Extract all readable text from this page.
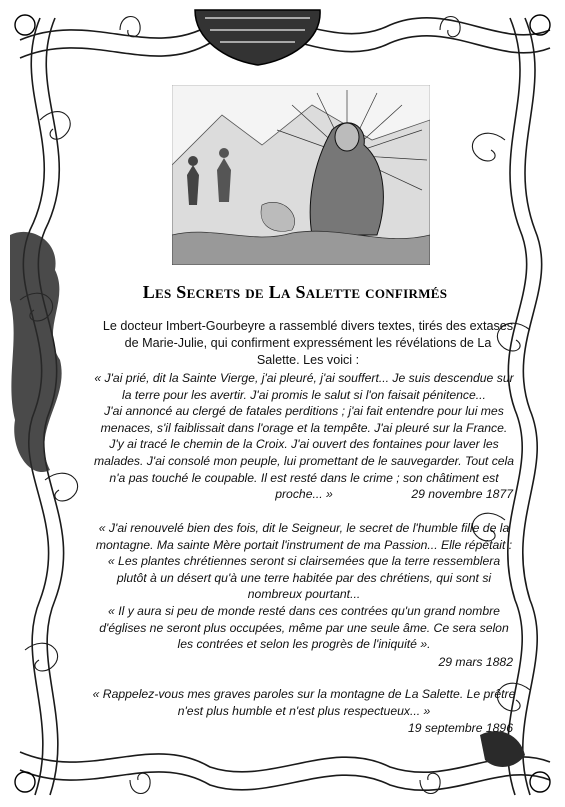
Les Secrets de La Salette confirmés
Le docteur Imbert-Gourbeyre a rassemblé divers textes, tirés des extases de Marie-Julie, qui confirment expressément les révélations de La Salette. Les voici :

« J'ai prié, dit la Sainte Vierge, j'ai pleuré, j'ai souffert... Je suis descendue sur la terre pour les avertir. J'ai promis le salut si l'on faisait pénitence...

J'ai annoncé au clergé de fatales perditions ; j'ai fait entendre pour lui mes menaces, s'il faiblissait dans l'orage et la tempête. J'ai pleuré sur la France. J'y ai tracé le chemin de la Croix. J'ai ouvert des fontaines pour laver les malades. J'ai consolé mon peuple, lui promettant de le sauvegarder. Tout cela n'a pas touché le coupable. Il est resté dans le crime ; son châtiment est proche... »	29 novembre 1877

« J'ai renouvelé bien des fois, dit le Seigneur, le secret de l'humble fille de la montagne. Ma sainte Mère portait l'instrument de ma Passion... Elle répétait :

« Les plantes chrétiennes seront si clairsemées que la terre ressemblera plutôt à un désert qu'à une terre habitée par des chrétiens, qui sont si nombreux pourtant...

« Il y aura si peu de monde resté dans ces contrées qu'un grand nombre d'églises ne seront plus occupées, même par une seule âme. Ce sera selon les contrées et selon les progrès de l'iniquité ».

29 mars 1882

« Rappelez-vous mes graves paroles sur la montagne de La Salette. Le prêtre n'est plus humble et n'est plus respectueux... »

19 septembre 1896
